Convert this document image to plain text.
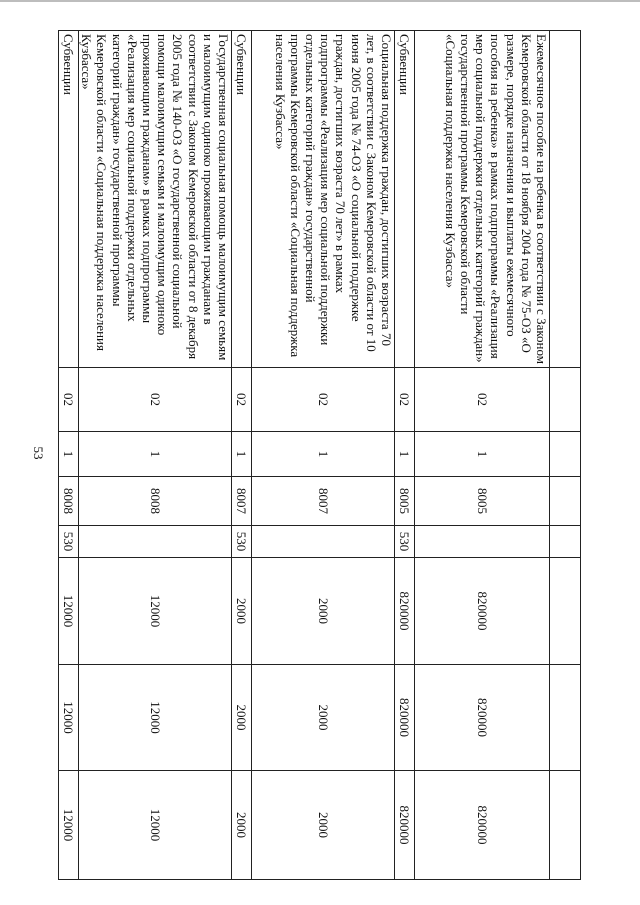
53

Ежемесячное пособие на ребенка в соответствии с Законом Кемеровской области от 18 ноября 2004 года № 75-ОЗ «О размере, порядке назначения и выплаты ежемесячного пособия на ребенка» в рамках подпрограммы «Реализация мер социальной поддержки отдельных категорий граждан» государственной программы Кемеровской области «Социальная поддержка населения Кузбасса»	02	1	8005		820000	820000	820000
Субвенции	02	1	8005	530	820000	820000	820000
Социальная поддержка граждан, достигших возраста 70 лет, в соответствии с Законом Кемеровской области от 10 июня 2005 года № 74-ОЗ «О социальной поддержке граждан, достигших возраста 70 лет» в рамках подпрограммы «Реализация мер социальной поддержки отдельных категорий граждан» государственной программы Кемеровской области «Социальная поддержка населения Кузбасса»	02	1	8007		2000	2000	2000
Субвенции	02	1	8007	530	2000	2000	2000
Государственная социальная помощь малоимущим семьям и малоимущим одиноко проживающим гражданам в соответствии с Законом Кемеровской области от 8 декабря 2005 года № 140-ОЗ «О государственной социальной помощи малоимущим семьям и малоимущим одиноко проживающим гражданам» в рамках подпрограммы «Реализация мер социальной поддержки отдельных категорий граждан» государственной программы Кемеровской области «Социальная поддержка населения Кузбасса»	02	1	8008		12000	12000	12000
Субвенции	02	1	8008	530	12000	12000	12000
